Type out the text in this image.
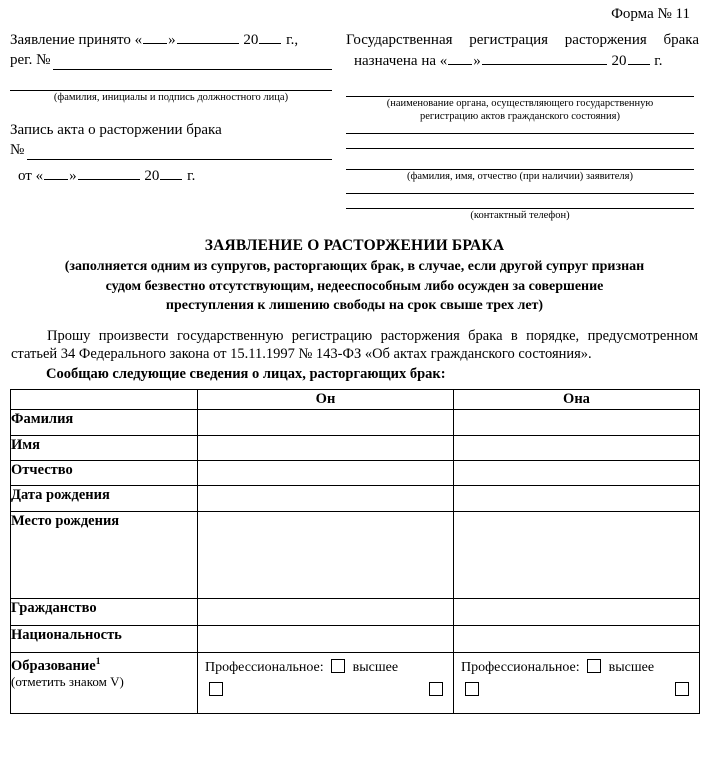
Форма № 11
Заявление принято « »	20 г.,
рег. №
(фамилия, инициалы и подпись должностного лица)
Запись акта о расторжении брака
№
от « »	20 г.
Государственная регистрация расторжения брака
назначена на « »	20 г.
(наименование органа, осуществляющего государственную
регистрацию актов гражданского состояния)
(фамилия, имя, отчество (при наличии) заявителя)
(контактный телефон)
ЗАЯВЛЕНИЕ О РАСТОРЖЕНИИ БРАКА
(заполняется одним из супругов, расторгающих брак, в случае, если другой супруг признан
судом безвестно отсутствующим, недееспособным либо осужден за совершение
преступления к лишению свободы на срок свыше трех лет)
Прошу произвести государственную регистрацию расторжения брака в порядке, предусмотренном статьей 34 Федерального закона от 15.11.1997 № 143-ФЗ «Об актах гражданского состояния».
Сообщаю следующие сведения о лицах, расторгающих брак:
	Он	Она
Фамилия		
Имя		
Отчество		
Дата рождения		
Место рождения		
Гражданство		
Национальность		
Образование$^1$
(отметить знаком V)	Профессиональное: высшее	Профессиональное: высшее
